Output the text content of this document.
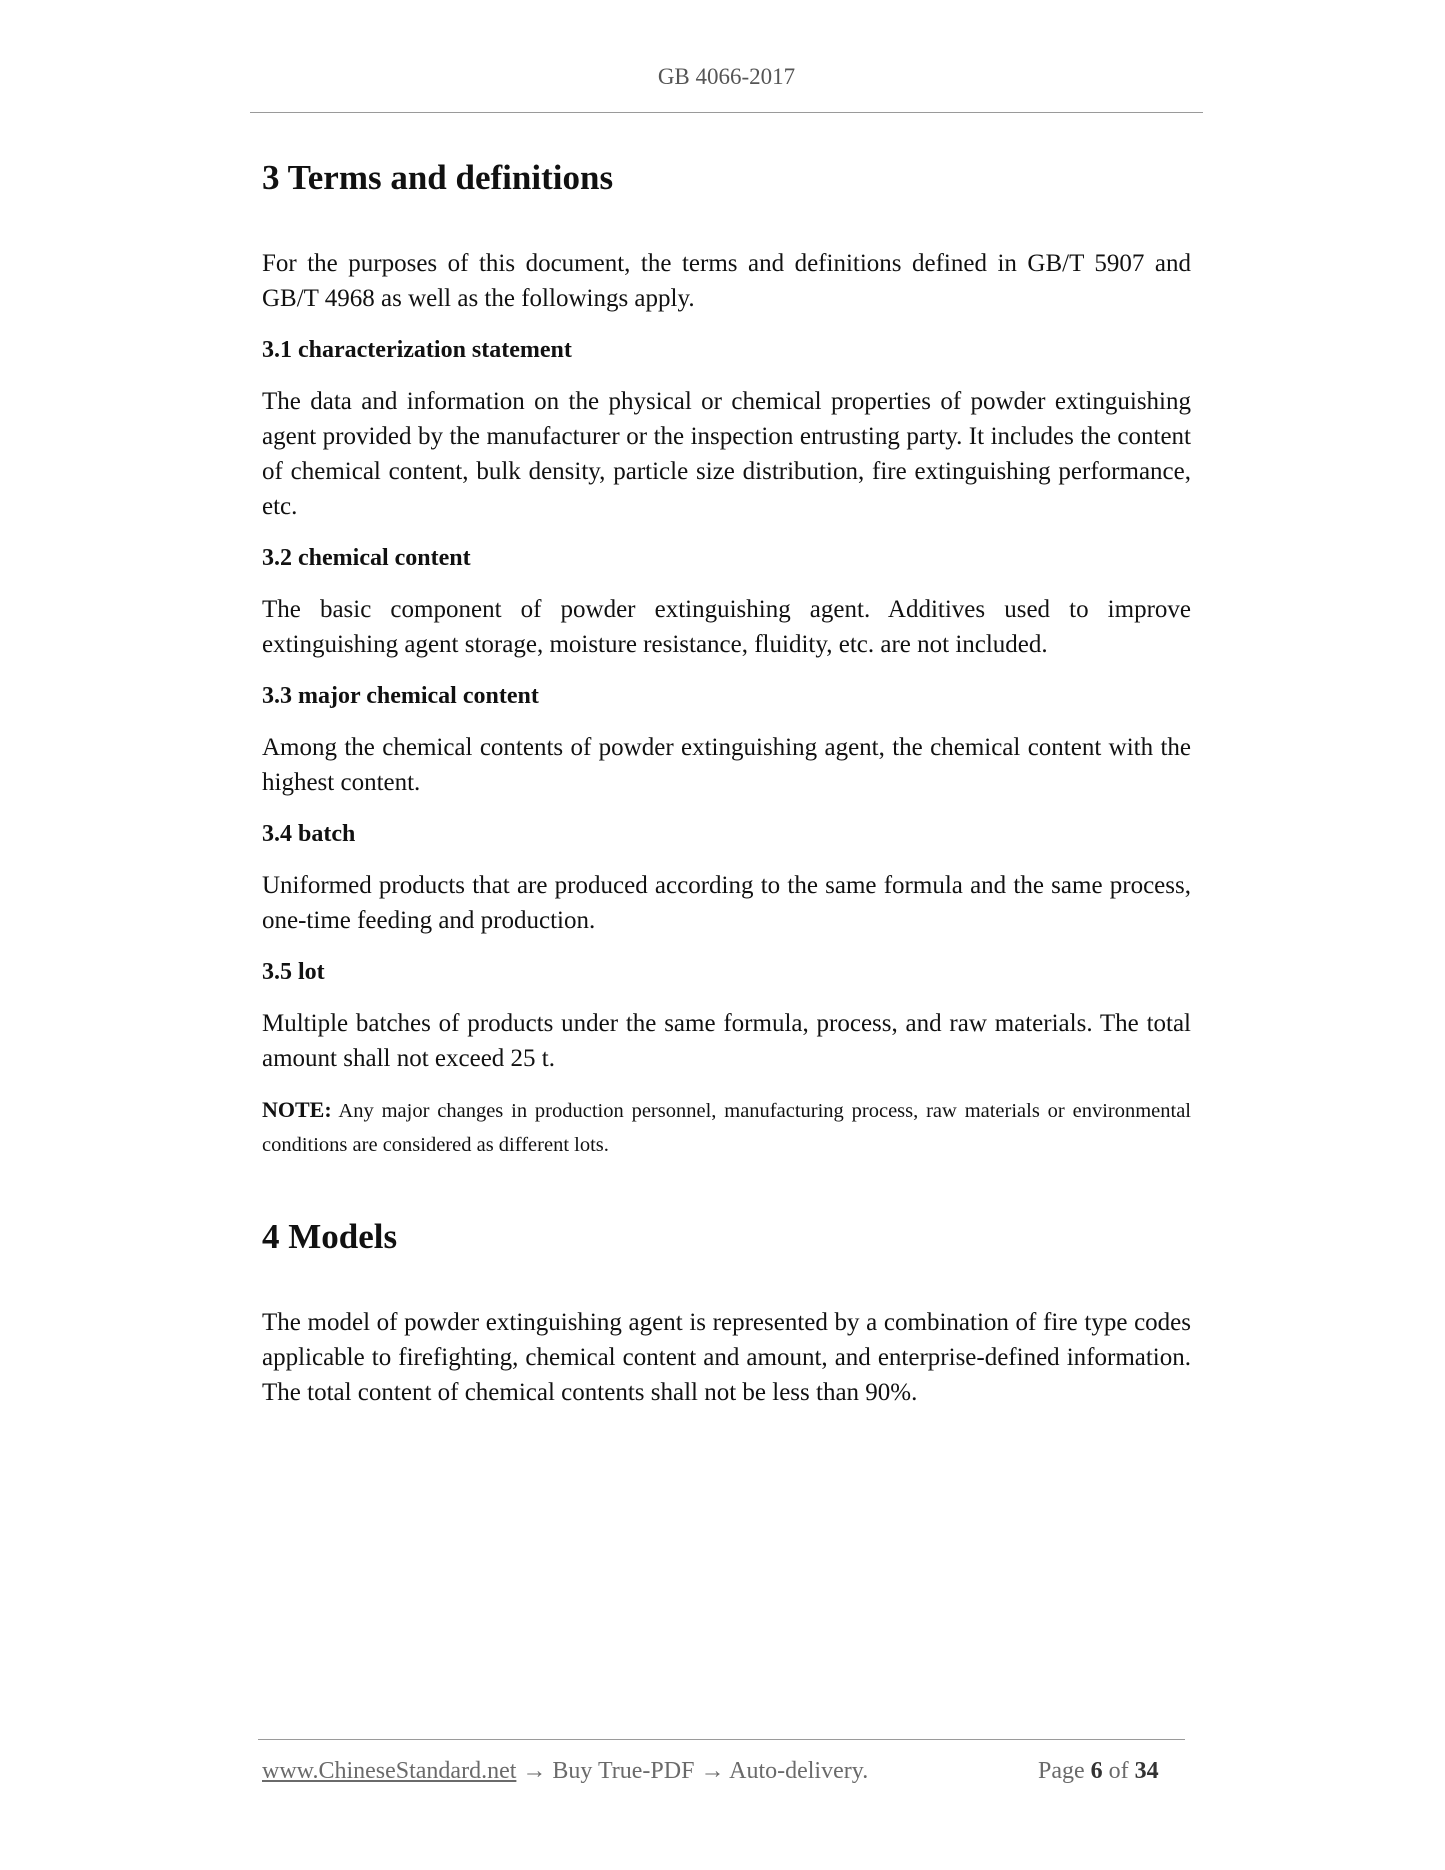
GB 4066-2017
3 Terms and definitions

For the purposes of this document, the terms and definitions defined in GB/T 5907 and GB/T 4968 as well as the followings apply.

3.1 characterization statement

The data and information on the physical or chemical properties of powder extinguishing agent provided by the manufacturer or the inspection entrusting party. It includes the content of chemical content, bulk density, particle size distribution, fire extinguishing performance, etc.

3.2 chemical content

The basic component of powder extinguishing agent. Additives used to improve extinguishing agent storage, moisture resistance, fluidity, etc. are not included.

3.3 major chemical content

Among the chemical contents of powder extinguishing agent, the chemical content with the highest content.

3.4 batch

Uniformed products that are produced according to the same formula and the same process, one-time feeding and production.

3.5 lot

Multiple batches of products under the same formula, process, and raw materials. The total amount shall not exceed 25 t.

NOTE: Any major changes in production personnel, manufacturing process, raw materials or environmental conditions are considered as different lots.

4 Models

The model of powder extinguishing agent is represented by a combination of fire type codes applicable to firefighting, chemical content and amount, and enterprise-defined information. The total content of chemical contents shall not be less than 90%.

www.ChineseStandard.net → Buy True-PDF → Auto-delivery.	Page 6 of 34
